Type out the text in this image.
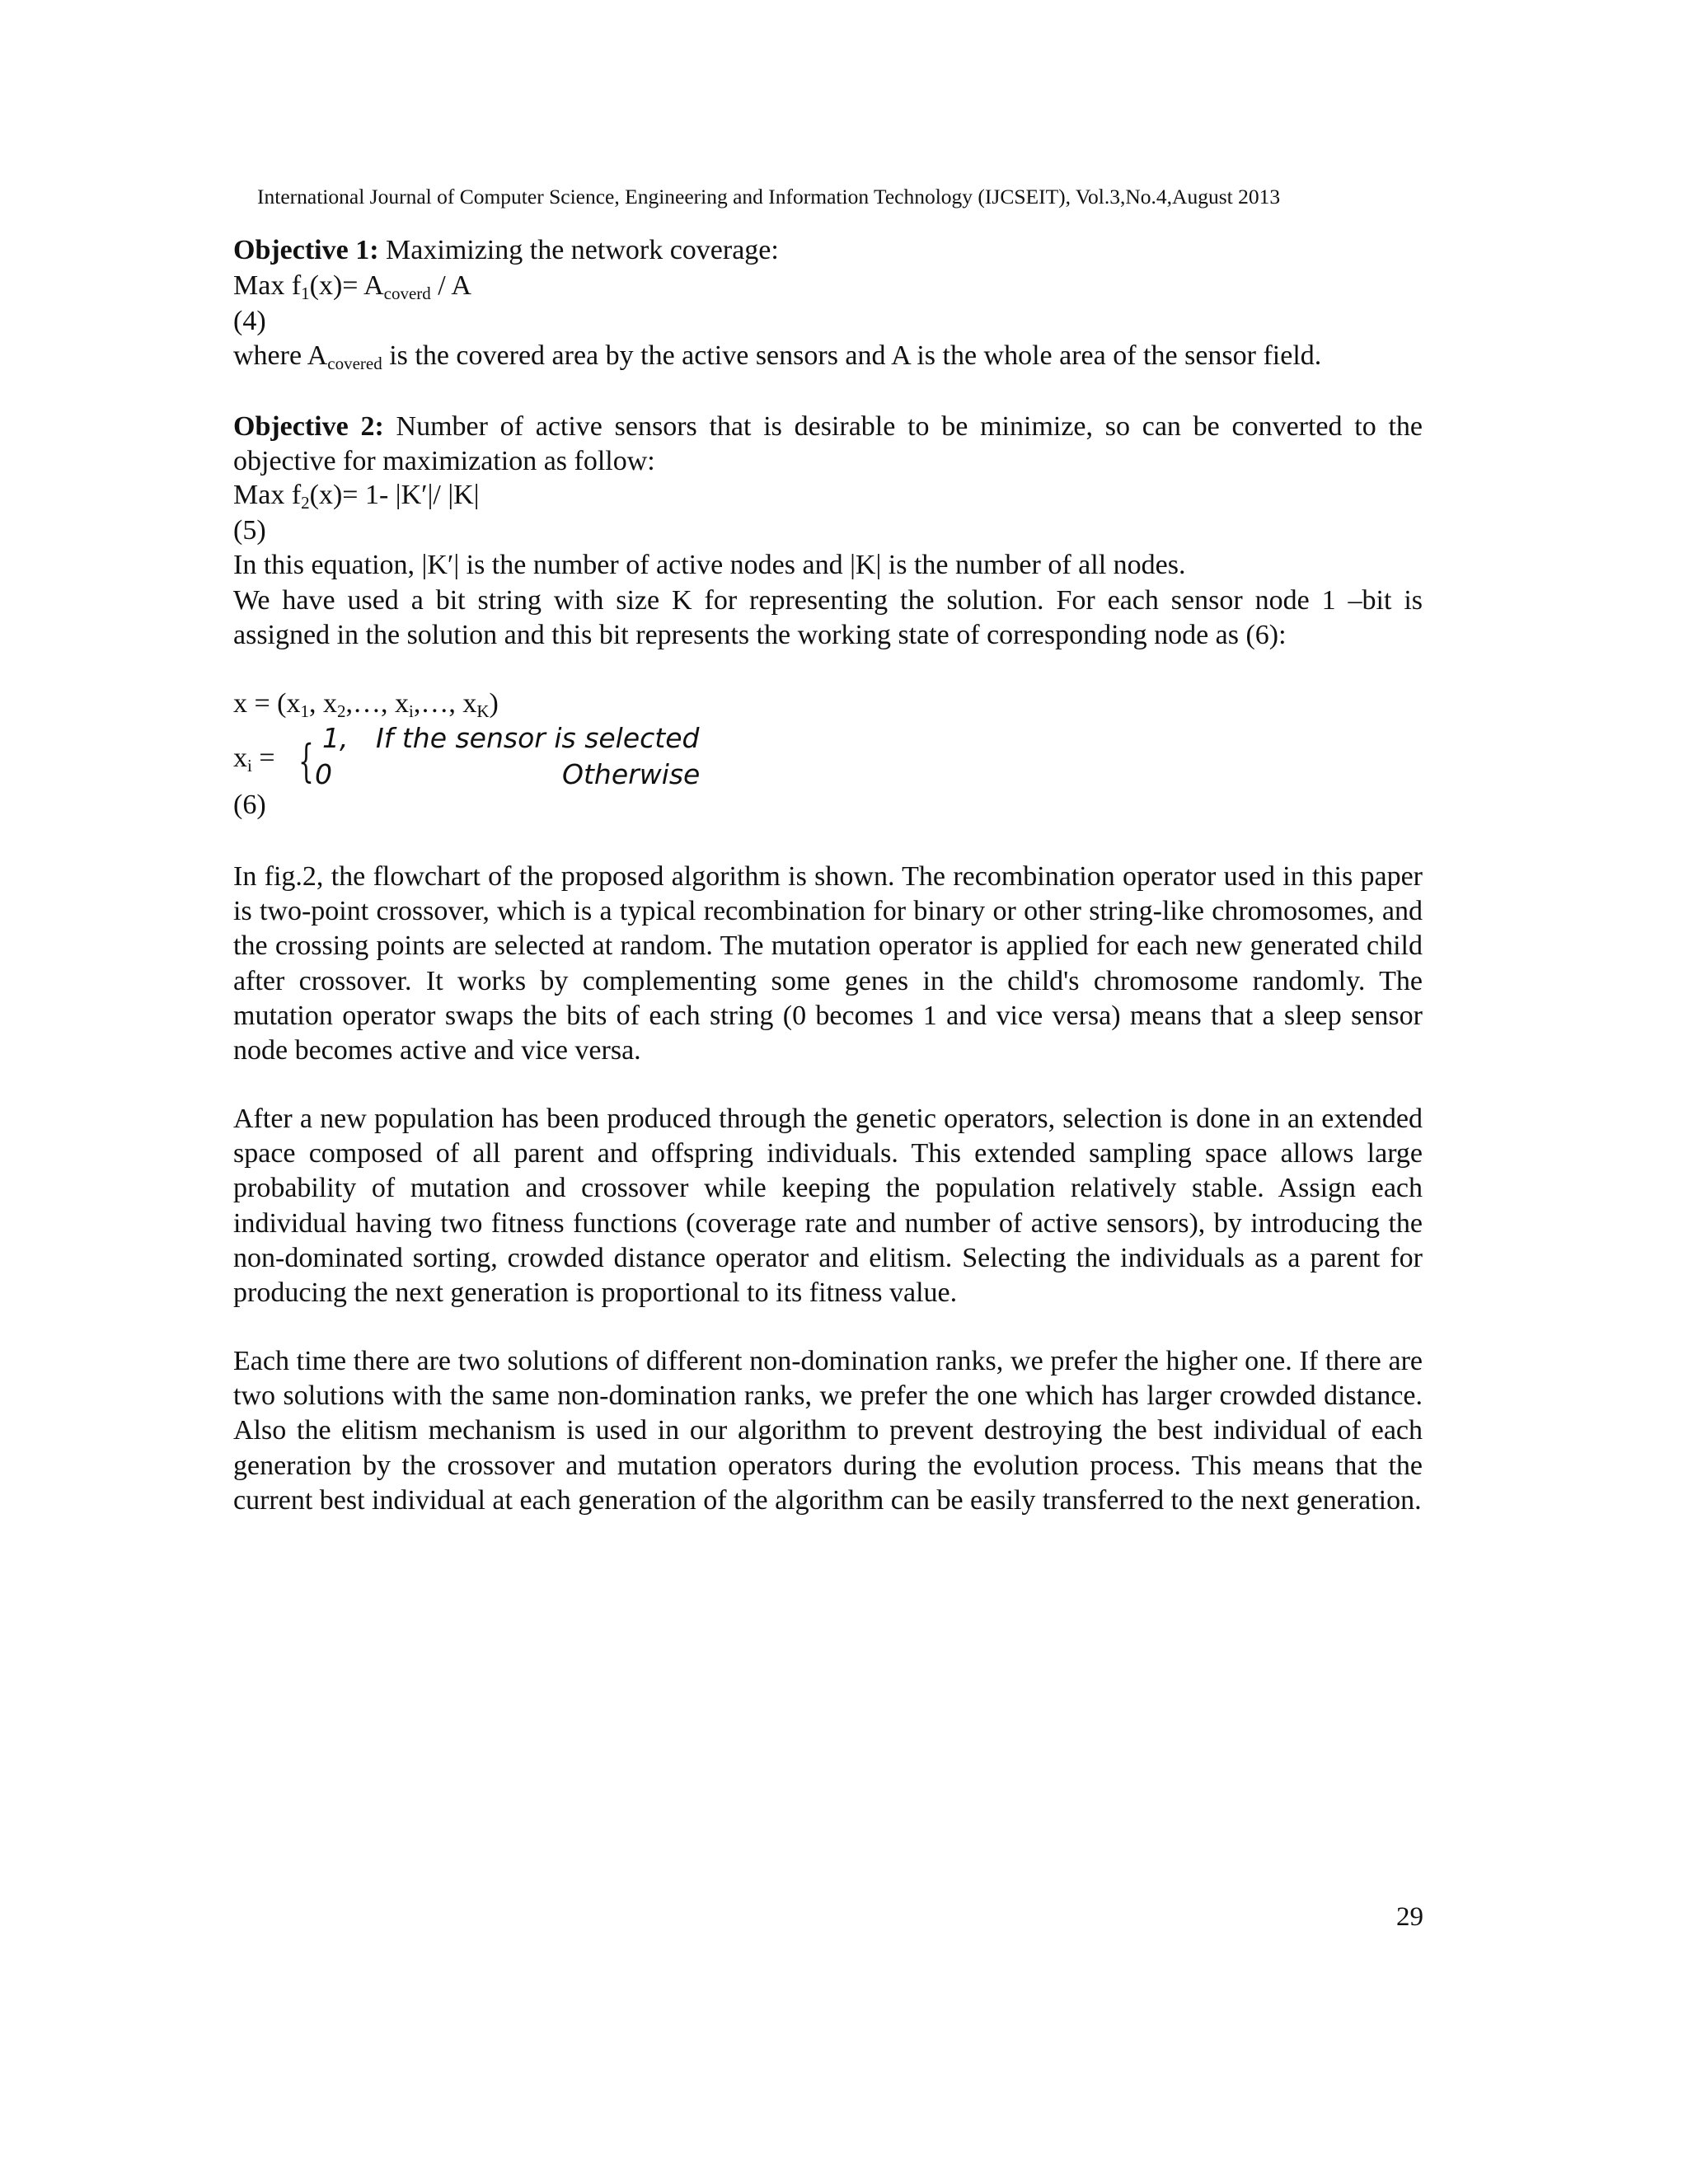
International Journal of Computer Science, Engineering and Information Technology (IJCSEIT), Vol.3,No.4,August 2013
Objective 1: Maximizing the network coverage:
Max $f_1(x)= A_{coverd} / A$
(4)
where $A_{covered}$ is the covered area by the active sensors and A is the whole area of the sensor field.
Objective 2: Number of active sensors that is desirable to be minimize, so can be converted to the objective for maximization as follow:
Max $f_2(x)= 1-$ |K′|/ |K|
(5)
In this equation, |K′| is the number of active nodes and |K| is the number of all nodes.
We have used a bit string with size K for representing the solution. For each sensor node 1 –bit is assigned in the solution and this bit represents the working state of corresponding node as (6):
$x = (x_1$, $x_2,\dots$, $x_i,\dots$, $x_K$)
$x_i$ = { 1, If the sensor is selected
0	Otherwise
(6)
In fig.2, the flowchart of the proposed algorithm is shown. The recombination operator used in this paper is two-point crossover, which is a typical recombination for binary or other string-like chromosomes, and the crossing points are selected at random. The mutation operator is applied for each new generated child after crossover. It works by complementing some genes in the child's chromosome randomly. The mutation operator swaps the bits of each string (0 becomes 1 and vice versa) means that a sleep sensor node becomes active and vice versa.
After a new population has been produced through the genetic operators, selection is done in an extended space composed of all parent and offspring individuals. This extended sampling space allows large probability of mutation and crossover while keeping the population relatively stable. Assign each individual having two fitness functions (coverage rate and number of active sensors), by introducing the non-dominated sorting, crowded distance operator and elitism. Selecting the individuals as a parent for producing the next generation is proportional to its fitness value.
Each time there are two solutions of different non-domination ranks, we prefer the higher one. If there are two solutions with the same non-domination ranks, we prefer the one which has larger crowded distance. Also the elitism mechanism is used in our algorithm to prevent destroying the best individual of each generation by the crossover and mutation operators during the evolution process. This means that the current best individual at each generation of the algorithm can be easily transferred to the next generation.
29
